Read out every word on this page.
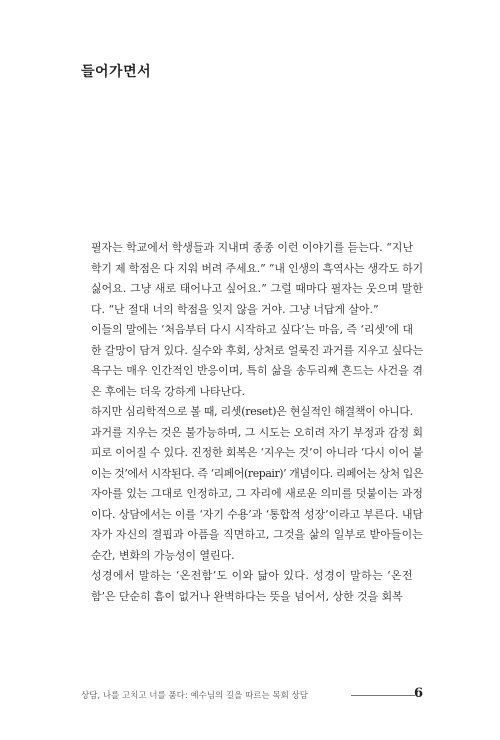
들어가면서

필자는 학교에서 학생들과 지내며 종종 이런 이야기를 듣는다. “지난
학기 제 학점은 다 지워 버려 주세요.” “내 인생의 흑역사는 생각도 하기
싫어요. 그냥 새로 태어나고 싶어요.” 그럴 때마다 필자는 웃으며 말한
다. “난 절대 너의 학점을 잊지 않을 거야. 그냥 너답게 살아.”

이들의 말에는 ‘처음부터 다시 시작하고 싶다’는 마음, 즉 ‘리셋’에 대
한 갈망이 담겨 있다. 실수와 후회, 상처로 얼룩진 과거를 지우고 싶다는
욕구는 매우 인간적인 반응이며, 특히 삶을 송두리째 흔드는 사건을 겪
은 후에는 더욱 강하게 나타난다.

하지만 심리학적으로 볼 때, 리셋(reset)은 현실적인 해결책이 아니다.
과거를 지우는 것은 불가능하며, 그 시도는 오히려 자기 부정과 감정 회
피로 이어질 수 있다. 진정한 회복은 ‘지우는 것’이 아니라 ‘다시 이어 붙
이는 것’에서 시작된다. 즉 ‘리페어(repair)’ 개념이다. 리페어는 상처 입은
자아를 있는 그대로 인정하고, 그 자리에 새로운 의미를 덧붙이는 과정
이다. 상담에서는 이를 ‘자기 수용’과 ‘통합적 성장’이라고 부른다. 내담
자가 자신의 결핍과 아픔을 직면하고, 그것을 삶의 일부로 받아들이는
순간, 변화의 가능성이 열린다.

성경에서 말하는 ‘온전함’도 이와 닮아 있다. 성경이 말하는 ‘온전
함’은 단순히 흠이 없거나 완벽하다는 뜻을 넘어서, 상한 것을 회복

상담, 나를 고치고 너를 품다: 예수님의 길을 따르는 목회 상담	6
